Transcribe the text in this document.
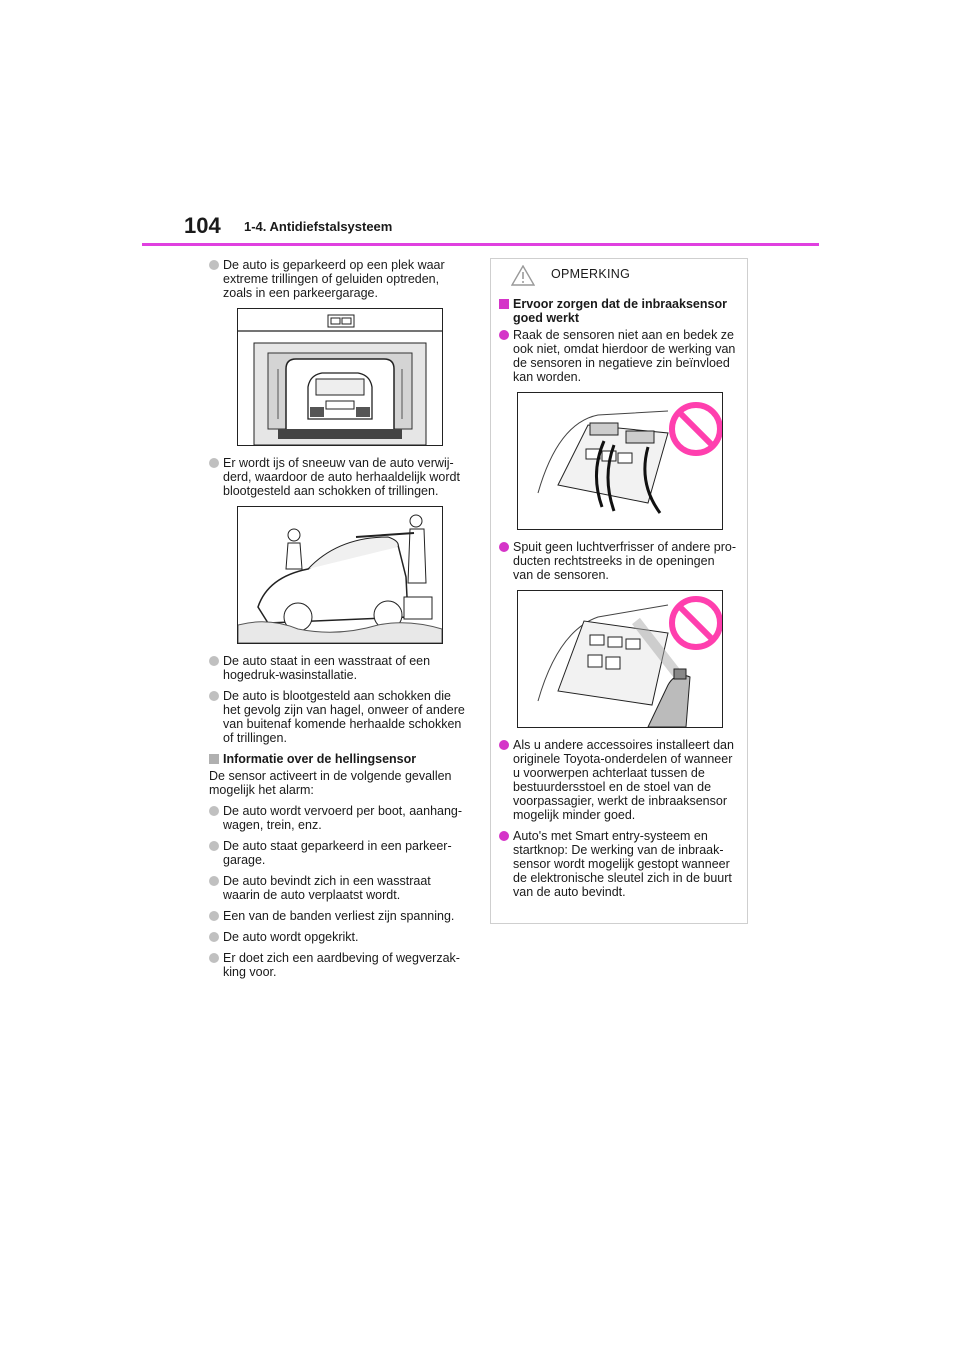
104 1-4. Antidiefstalsysteem
De auto is geparkeerd op een plek waar extreme trillingen of geluiden optreden, zoals in een parkeergarage.
Er wordt ijs of sneeuw van de auto verwij-derd, waardoor de auto herhaaldelijk wordt blootgesteld aan schokken of trillingen.
De auto staat in een wasstraat of een hogedruk-wasinstallatie.
De auto is blootgesteld aan schokken die het gevolg zijn van hagel, onweer of andere van buitenaf komende herhaalde schokken of trillingen.
Informatie over de hellingsensor
De sensor activeert in de volgende gevallen mogelijk het alarm:
De auto wordt vervoerd per boot, aanhang-wagen, trein, enz.
De auto staat geparkeerd in een parkeer-garage.
De auto bevindt zich in een wasstraat waarin de auto verplaatst wordt.
Een van de banden verliest zijn spanning.
De auto wordt opgekrikt.
Er doet zich een aardbeving of wegverzak-king voor.
OPMERKING
Ervoor zorgen dat de inbraaksensor goed werkt
Raak de sensoren niet aan en bedek ze ook niet, omdat hierdoor de werking van de sensoren in negatieve zin beïnvloed kan worden.
Spuit geen luchtverfrisser of andere pro-ducten rechtstreeks in de openingen van de sensoren.
Als u andere accessoires installeert dan originele Toyota-onderdelen of wanneer u voorwerpen achterlaat tussen de bestuurdersstoel en de stoel van de voorpassagier, werkt de inbraaksensor mogelijk minder goed.
Auto's met Smart entry-systeem en startknop: De werking van de inbraak-sensor wordt mogelijk gestopt wanneer de elektronische sleutel zich in de buurt van de auto bevindt.
